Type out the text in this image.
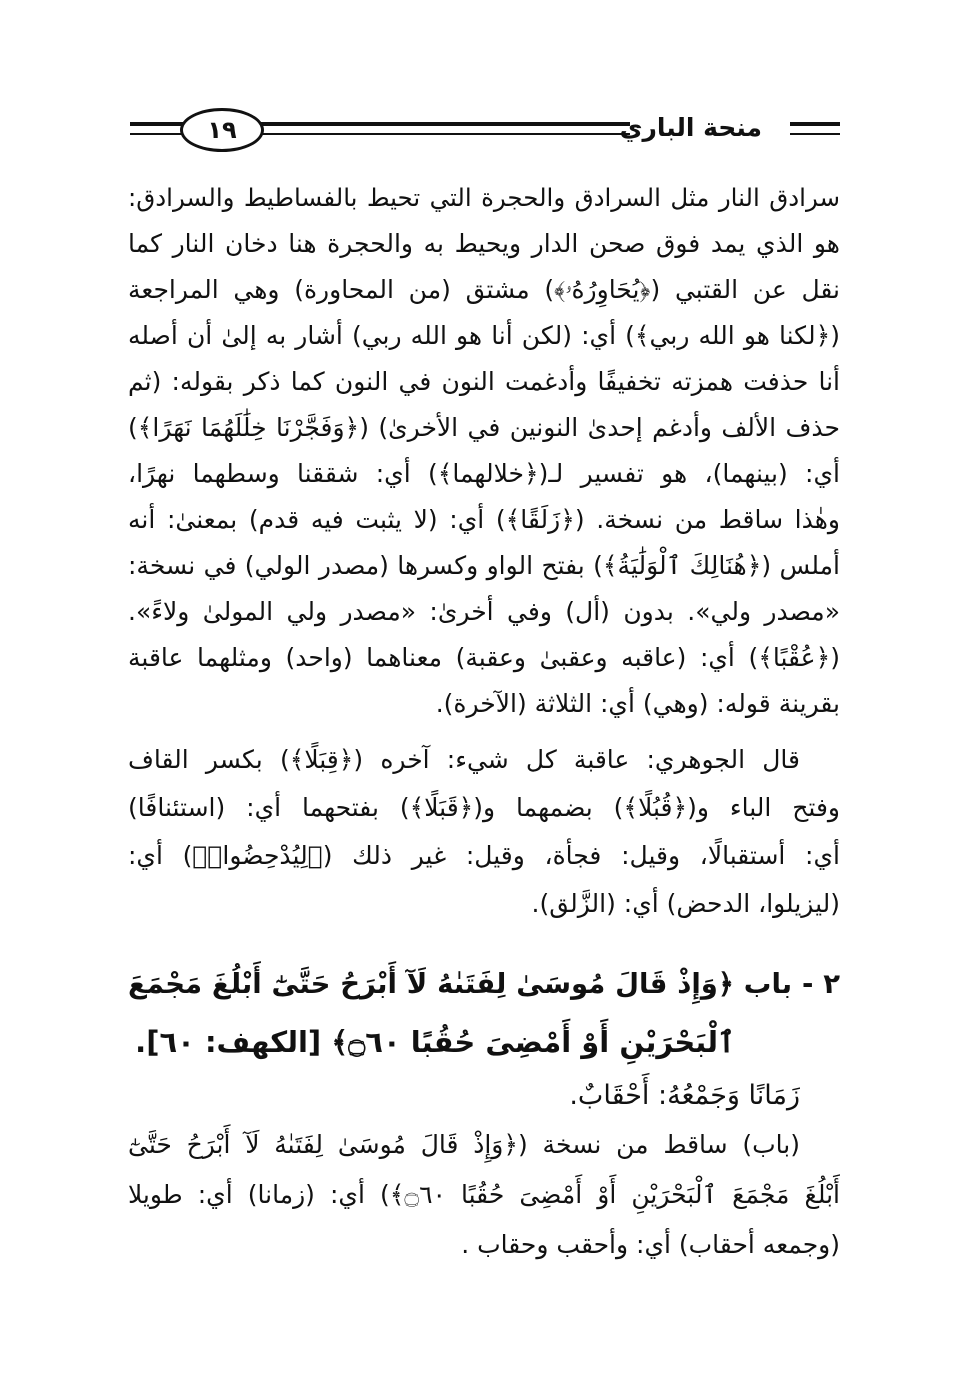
منحة الباري
١٩
سرادق النار مثل السرادق والحجرة التي تحيط بالفساطيط والسرادق:
هو الذي يمد فوق صحن الدار ويحيط به والحجرة هنا دخان النار كما
نقل عن القتبي (﴿يُحَاوِرُهُۥ﴾) مشتق (من المحاورة) وهي المراجعة
(﴿لكنا هو الله ربي﴾) أي: (لكن أنا هو الله ربي) أشار به إلىٰ أن أصله
أنا حذفت همزته تخفيفًا وأدغمت النون في النون كما ذكر بقوله: (ثم
حذف الألف وأدغم إحدىٰ النونين في الأخرىٰ) (﴿وَفَجَّرْنَا خِلَٰلَهُمَا نَهَرًا﴾)
أي: (بينهما)، هو تفسير لـ(﴿خلالهما﴾) أي: شققنا وسطهما نهرًا،
وهٰذا ساقط من نسخة. (﴿زَلَقًا﴾) أي: (لا يثبت فيه قدم) بمعنىٰ: أنه
أملس (﴿هُنَالِكَ ٱلْوَلَٰيَةُ﴾) بفتح الواو وكسرها (مصدر الولي) في نسخة:
«مصدر ولي». بدون (أل) وفي أخرىٰ: «مصدر ولي المولىٰ ولاءً».
(﴿عُقْبًا﴾) أي: (عاقبه وعقبىٰ وعقبة) معناهما (واحد) ومثلهما عاقبة
بقرينة قوله: (وهي) أي: الثلاثة (الآخرة).
قال الجوهري: عاقبة كل شيء: آخره (﴿قِبَلًا﴾) بكسر القاف
وفتح الباء و(﴿قُبُلًا﴾) بضمهما و(﴿قَبَلًا﴾) بفتحهما أي: (استئنافًا)
أي: أستقبالًا، وقيل: فجأة، وقيل: غير ذلك (﴿لِيُدْحِضُوا۟﴾) أي:
(ليزيلوا، الدحض) أي: (الزَّلق).
٢ - باب ﴿وَإِذْ قَالَ مُوسَىٰ لِفَتَىٰهُ لَآ أَبْرَحُ حَتَّىٰٓ أَبْلُغَ مَجْمَعَ
ٱلْبَحْرَيْنِ أَوْ أَمْضِىَ حُقُبًا ۝٦٠﴾ [الكهف: ٦٠].
زَمَانًا وَجَمْعُهُ: أَحْقَابٌ.
(باب) ساقط من نسخة (﴿وَإِذْ قَالَ مُوسَىٰ لِفَتَىٰهُ لَآ أَبْرَحُ حَتَّىٰٓ
أَبْلُغَ مَجْمَعَ ٱلْبَحْرَيْنِ أَوْ أَمْضِىَ حُقُبًا ۝٦٠﴾) أي: (زمانا) أي: طويلا
(وجمعه أحقاب) أي: وأحقب وحقاب .
